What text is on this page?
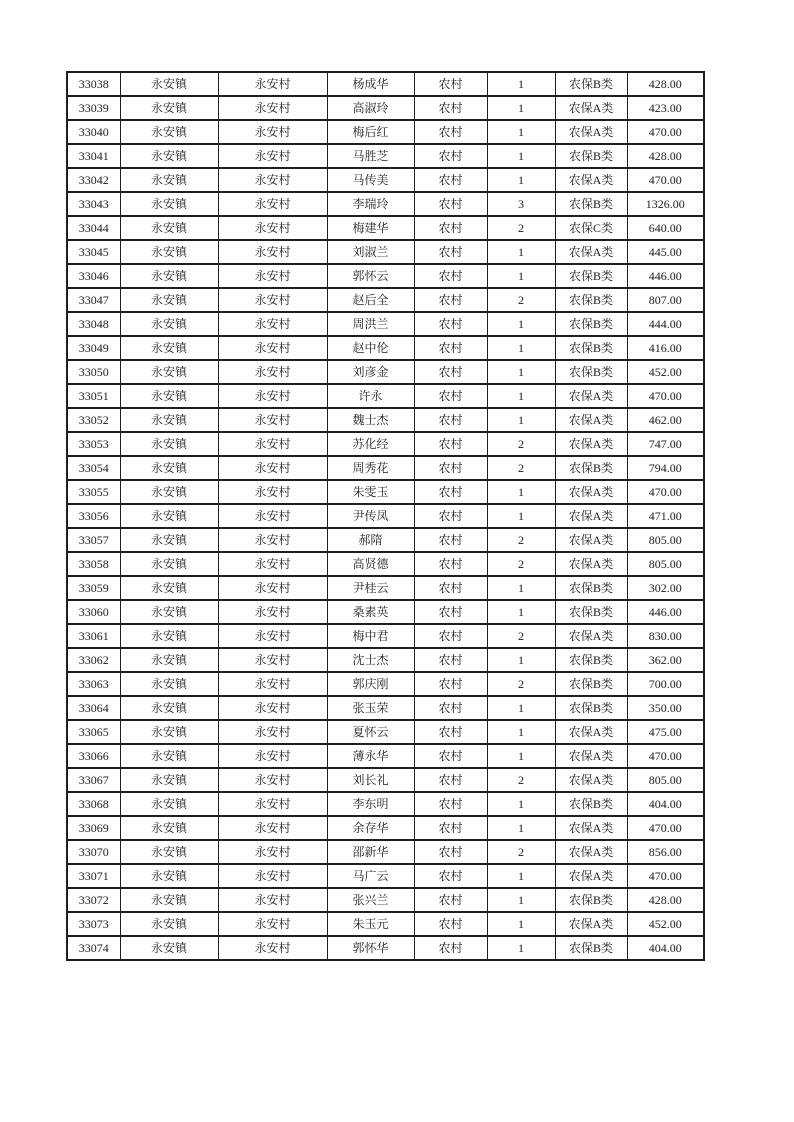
33038	永安镇	永安村	杨成华	农村	1	农保B类	428.00
33039	永安镇	永安村	高淑玲	农村	1	农保A类	423.00
33040	永安镇	永安村	梅后红	农村	1	农保A类	470.00
33041	永安镇	永安村	马胜芝	农村	1	农保B类	428.00
33042	永安镇	永安村	马传美	农村	1	农保A类	470.00
33043	永安镇	永安村	李瑞玲	农村	3	农保B类	1326.00
33044	永安镇	永安村	梅建华	农村	2	农保C类	640.00
33045	永安镇	永安村	刘淑兰	农村	1	农保A类	445.00
33046	永安镇	永安村	郭怀云	农村	1	农保B类	446.00
33047	永安镇	永安村	赵后全	农村	2	农保B类	807.00
33048	永安镇	永安村	周洪兰	农村	1	农保B类	444.00
33049	永安镇	永安村	赵中伦	农村	1	农保B类	416.00
33050	永安镇	永安村	刘彦金	农村	1	农保B类	452.00
33051	永安镇	永安村	许永	农村	1	农保A类	470.00
33052	永安镇	永安村	魏士杰	农村	1	农保A类	462.00
33053	永安镇	永安村	苏化经	农村	2	农保A类	747.00
33054	永安镇	永安村	周秀花	农村	2	农保B类	794.00
33055	永安镇	永安村	朱雯玉	农村	1	农保A类	470.00
33056	永安镇	永安村	尹传凤	农村	1	农保A类	471.00
33057	永安镇	永安村	郝隋	农村	2	农保A类	805.00
33058	永安镇	永安村	高贤德	农村	2	农保A类	805.00
33059	永安镇	永安村	尹桂云	农村	1	农保B类	302.00
33060	永安镇	永安村	桑素英	农村	1	农保B类	446.00
33061	永安镇	永安村	梅中君	农村	2	农保A类	830.00
33062	永安镇	永安村	沈士杰	农村	1	农保B类	362.00
33063	永安镇	永安村	郭庆刚	农村	2	农保B类	700.00
33064	永安镇	永安村	张玉荣	农村	1	农保B类	350.00
33065	永安镇	永安村	夏怀云	农村	1	农保A类	475.00
33066	永安镇	永安村	薄永华	农村	1	农保A类	470.00
33067	永安镇	永安村	刘长礼	农村	2	农保A类	805.00
33068	永安镇	永安村	李东明	农村	1	农保B类	404.00
33069	永安镇	永安村	余存华	农村	1	农保A类	470.00
33070	永安镇	永安村	邵新华	农村	2	农保A类	856.00
33071	永安镇	永安村	马广云	农村	1	农保A类	470.00
33072	永安镇	永安村	张兴兰	农村	1	农保B类	428.00
33073	永安镇	永安村	朱玉元	农村	1	农保A类	452.00
33074	永安镇	永安村	郭怀华	农村	1	农保B类	404.00
